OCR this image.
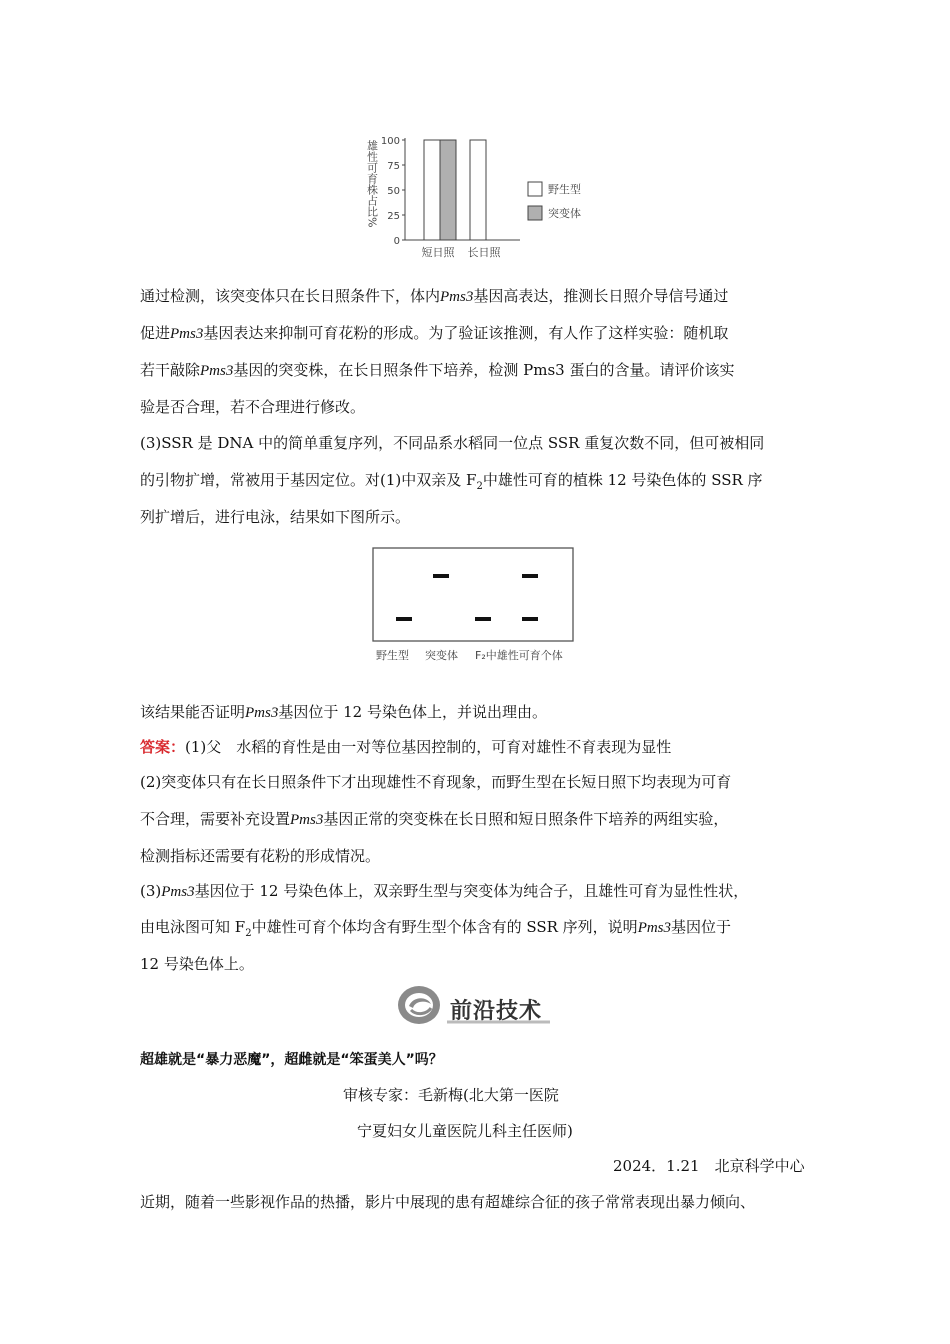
雄性可育株占比%
0
25
50
75
100
短日照 长日照
野生型
突变体
通过检测，该突变体只在长日照条件下，体内Pms3基因高表达，推测长日照介导信号通过
促进Pms3基因表达来抑制可育花粉的形成。为了验证该推测，有人作了这样实验：随机取
若干敲除Pms3基因的突变株，在长日照条件下培养，检测 Pms3 蛋白的含量。请评价该实
验是否合理，若不合理进行修改。
(3)SSR 是 DNA 中的简单重复序列，不同品系水稻同一位点 SSR 重复次数不同，但可被相同
的引物扩增，常被用于基因定位。对(1)中双亲及 $F_2$中雄性可育的植株 12 号染色体的 SSR 序
列扩增后，进行电泳，结果如下图所示。
野生型 突变体 F₂中雄性可育个体
该结果能否证明Pms3基因位于 12 号染色体上，并说出理由。
答案：(1)父　水稻的育性是由一对等位基因控制的，可育对雄性不育表现为显性
(2)突变体只有在长日照条件下才出现雄性不育现象，而野生型在长短日照下均表现为可育
不合理，需要补充设置Pms3基因正常的突变株在长日照和短日照条件下培养的两组实验，
检测指标还需要有花粉的形成情况。
(3)Pms3基因位于 12 号染色体上，双亲野生型与突变体为纯合子，且雄性可育为显性性状，
由电泳图可知 $F_2$中雄性可育个体均含有野生型个体含有的 SSR 序列，说明Pms3基因位于
12 号染色体上。
前沿技术
超雄就是“暴力恶魔”，超雌就是“笨蛋美人”吗？
审核专家：毛新梅(北大第一医院
宁夏妇女儿童医院儿科主任医师)
2024．1.21　北京科学中心
近期，随着一些影视作品的热播，影片中展现的患有超雄综合征的孩子常常表现出暴力倾向、
